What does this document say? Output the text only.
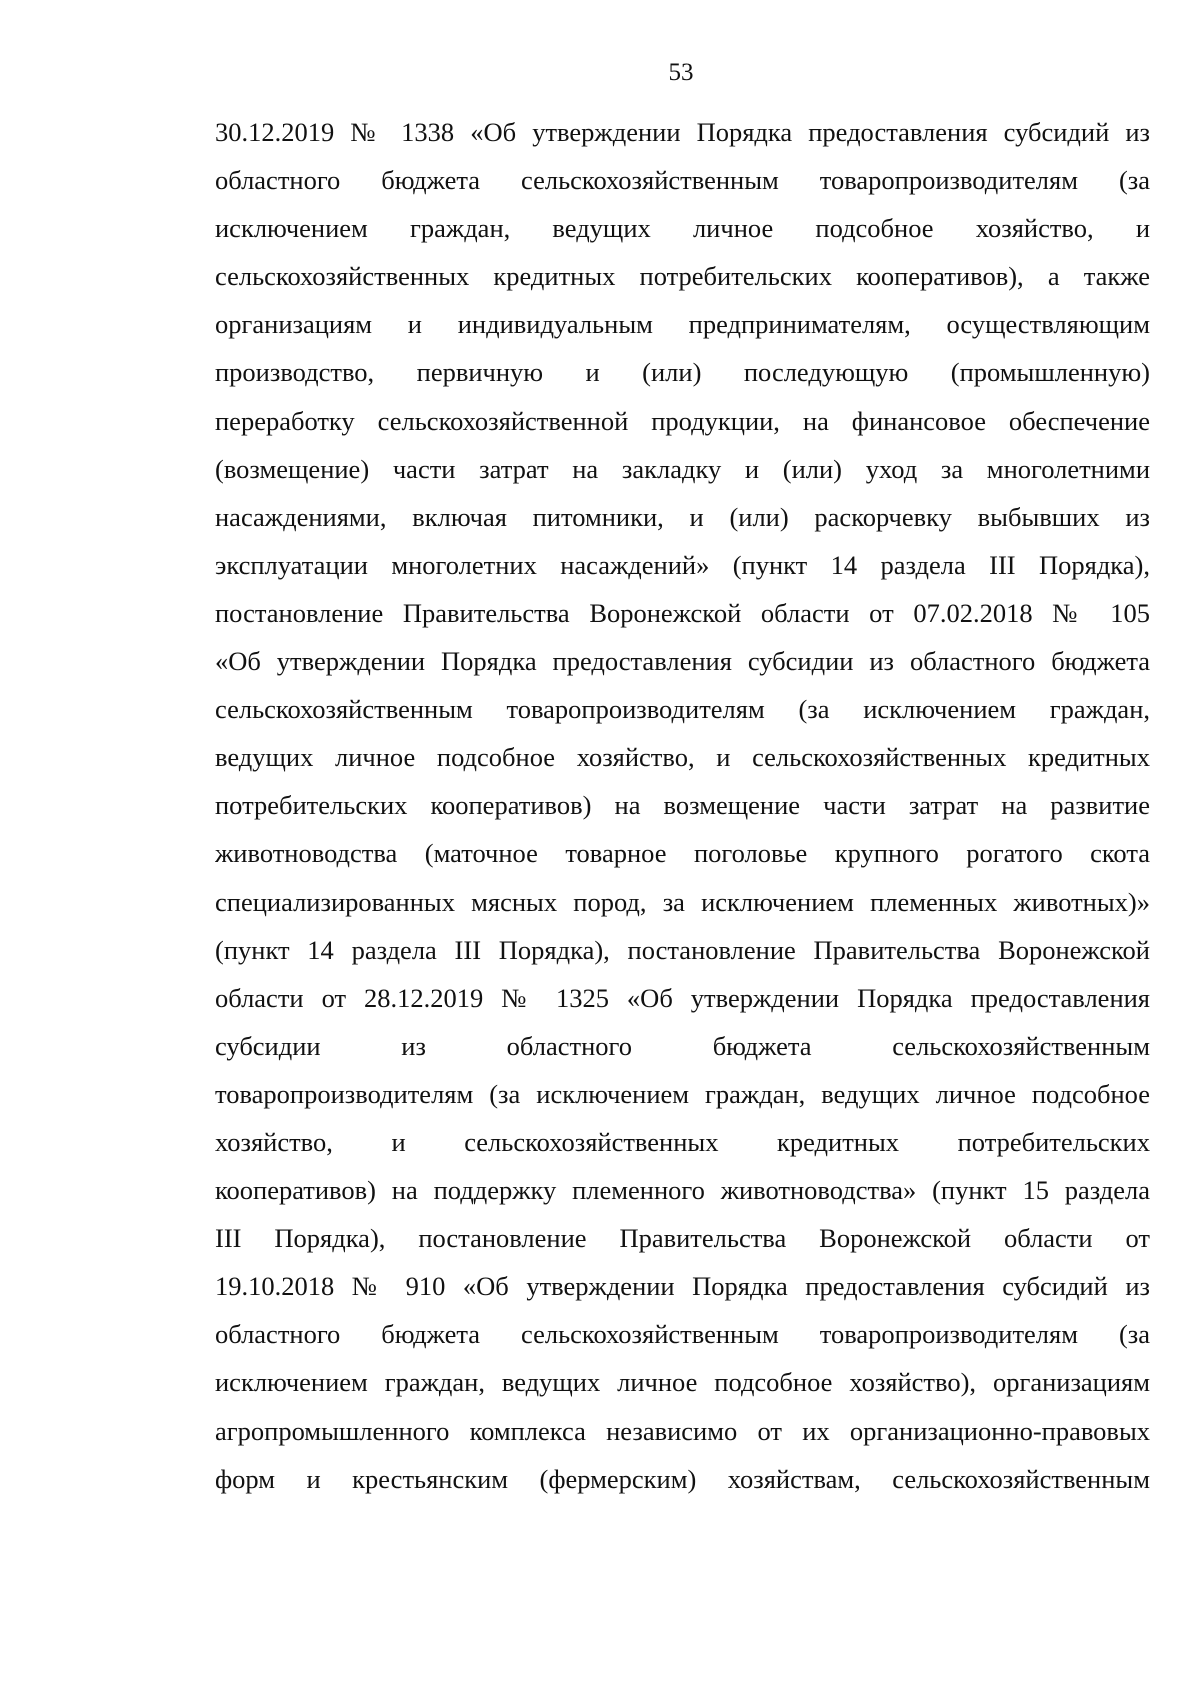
53
30.12.2019 № 1338 «Об утверждении Порядка предоставления субсидий из
областного бюджета сельскохозяйственным товаропроизводителям (за
исключением граждан, ведущих личное подсобное хозяйство, и
сельскохозяйственных кредитных потребительских кооперативов), а также
организациям и индивидуальным предпринимателям, осуществляющим
производство, первичную и (или) последующую (промышленную)
переработку сельскохозяйственной продукции, на финансовое обеспечение
(возмещение) части затрат на закладку и (или) уход за многолетними
насаждениями, включая питомники, и (или) раскорчевку выбывших из
эксплуатации многолетних насаждений» (пункт 14 раздела III Порядка),
постановление Правительства Воронежской области от 07.02.2018 № 105
«Об утверждении Порядка предоставления субсидии из областного бюджета
сельскохозяйственным товаропроизводителям (за исключением граждан,
ведущих личное подсобное хозяйство, и сельскохозяйственных кредитных
потребительских кооперативов) на возмещение части затрат на развитие
животноводства (маточное товарное поголовье крупного рогатого скота
специализированных мясных пород, за исключением племенных животных)»
(пункт 14 раздела III Порядка), постановление Правительства Воронежской
области от 28.12.2019 № 1325 «Об утверждении Порядка предоставления
субсидии из областного бюджета сельскохозяйственным
товаропроизводителям (за исключением граждан, ведущих личное подсобное
хозяйство, и сельскохозяйственных кредитных потребительских
кооперативов) на поддержку племенного животноводства» (пункт 15 раздела
III Порядка), постановление Правительства Воронежской области от
19.10.2018 № 910 «Об утверждении Порядка предоставления субсидий из
областного бюджета сельскохозяйственным товаропроизводителям (за
исключением граждан, ведущих личное подсобное хозяйство), организациям
агропромышленного комплекса независимо от их организационно-правовых
форм и крестьянским (фермерским) хозяйствам, сельскохозяйственным
